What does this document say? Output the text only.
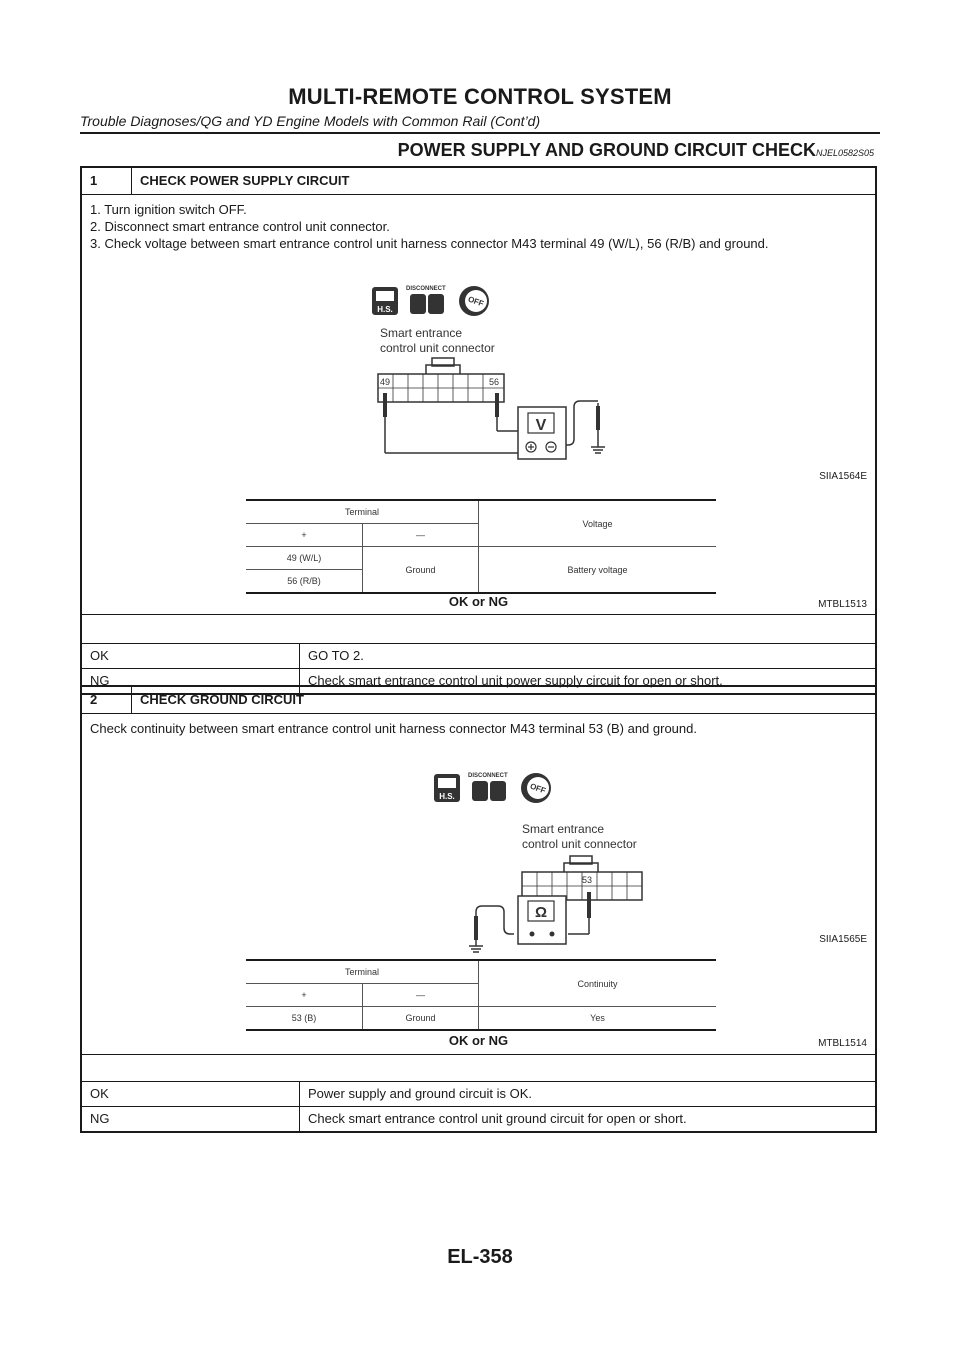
MULTI-REMOTE CONTROL SYSTEM
Trouble Diagnoses/QG and YD Engine Models with Common Rail (Cont’d)
POWER SUPPLY AND GROUND CIRCUIT CHECKNJEL0582S05
1	CHECK POWER SUPPLY CIRCUIT
1. Turn ignition switch OFF.
2. Disconnect smart entrance control unit connector.
3. Check voltage between smart entrance control unit harness connector M43 terminal 49 (W/L), 56 (R/B) and ground.
H.S.
DISCONNECT
OFF
Smart entrance
control unit connector
49	56
V
SIIA1564E
Terminal		Voltage
+	—	
49 (W/L)	Ground	Battery voltage
56 (R/B)		
MTBL1513
OK or NG
OK	GO TO 2.
NG	Check smart entrance control unit power supply circuit for open or short.
2	CHECK GROUND CIRCUIT
Check continuity between smart entrance control unit harness connector M43 terminal 53 (B) and ground.
H.S.
DISCONNECT
OFF
Smart entrance
control unit connector
53
Ω
SIIA1565E
Terminal		Continuity
+	—	
53 (B)	Ground	Yes
MTBL1514
OK or NG
OK	Power supply and ground circuit is OK.
NG	Check smart entrance control unit ground circuit for open or short.
EL-358
